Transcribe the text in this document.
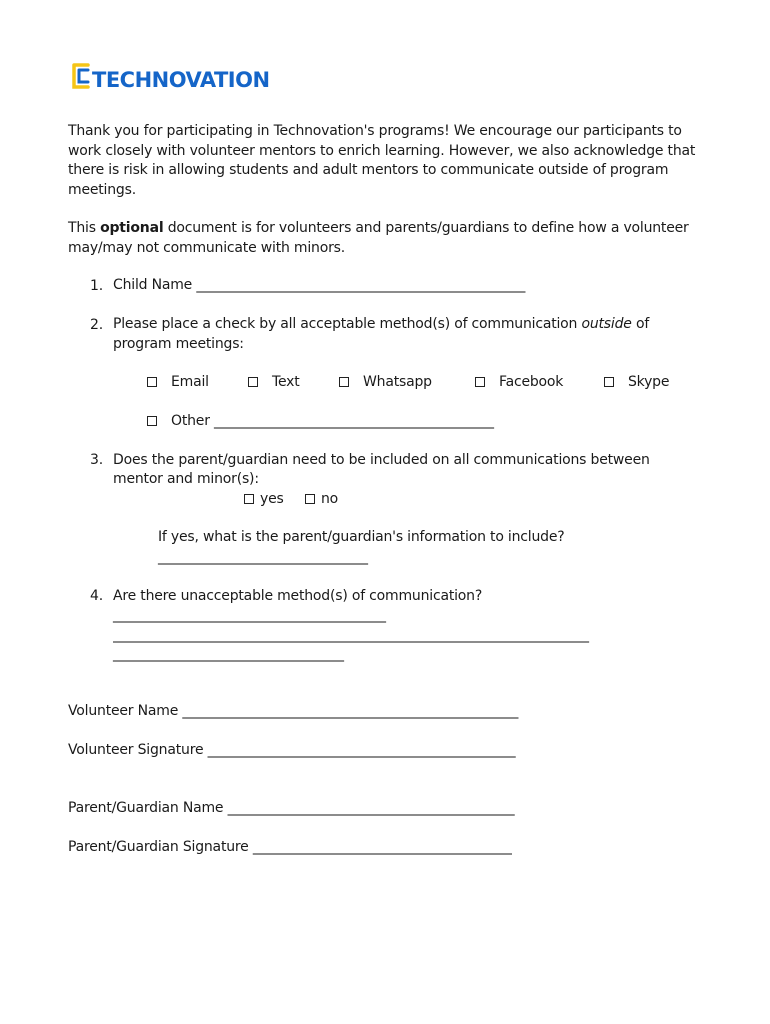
TECHNOVATION
Thank you for participating in Technovation's programs! We encourage our participants to work closely with volunteer mentors to enrich learning. However, we also acknowledge that there is risk in allowing students and adult mentors to communicate outside of program meetings.
This optional document is for volunteers and parents/guardians to define how a volunteer may/may not communicate with minors.
1. Child Name _______________________________________________
2. Please place a check by all acceptable method(s) of communication outside of
program meetings:
Email	Text	Whatsapp	Facebook	Skype
Other ________________________________________
3. Does the parent/guardian need to be included on all communications between
mentor and minor(s):
yes	no
If yes, what is the parent/guardian's information to include?
______________________________
4. Are there unacceptable method(s) of communication?
_______________________________________
____________________________________________________________________
_________________________________
Volunteer Name ________________________________________________
Volunteer Signature ____________________________________________
Parent/Guardian Name _________________________________________
Parent/Guardian Signature _____________________________________
